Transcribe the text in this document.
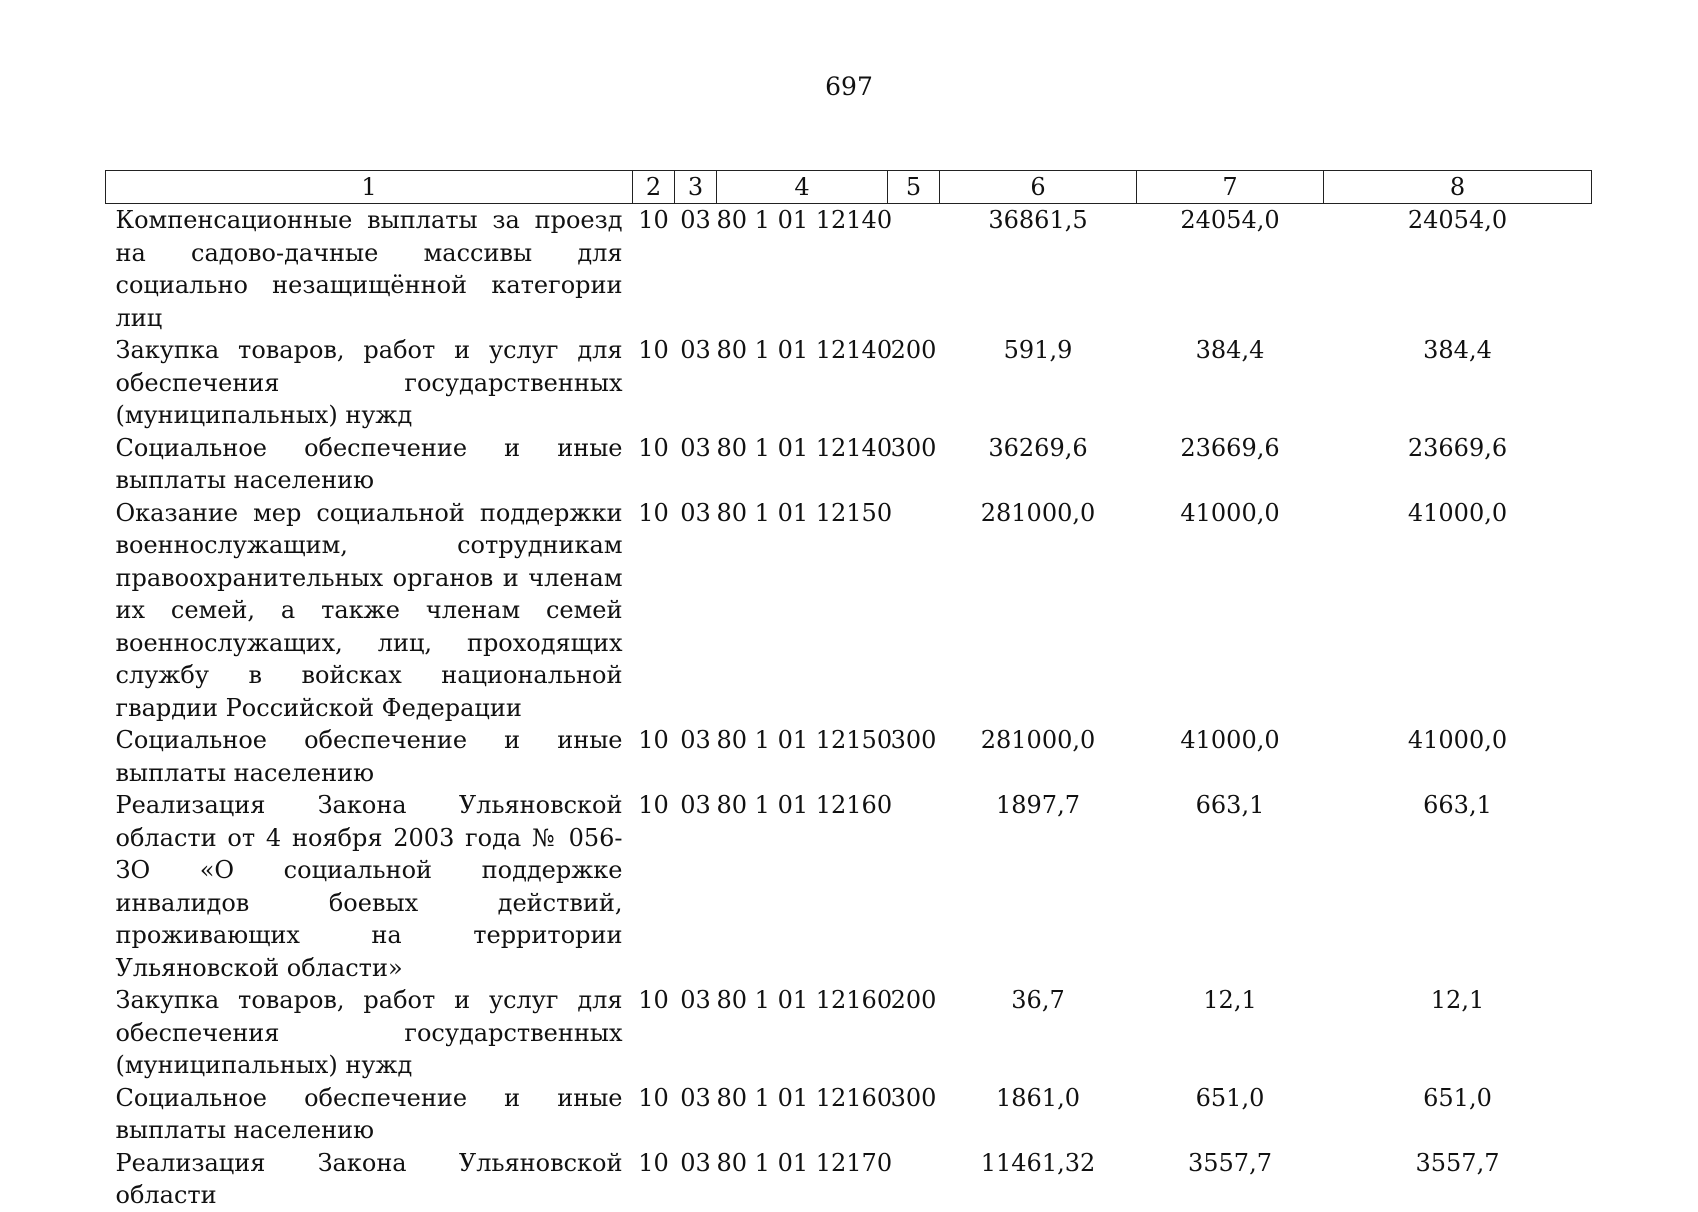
697
1	2	3	4	5	6	7	8
Компенсационные выплаты за проезд на садово-дачные массивы для социально незащищённой категории лиц	10	03	80 1 01 12140		36861,5	24054,0	24054,0
Закупка товаров, работ и услуг для обеспечения государственных (муниципальных) нужд	10	03	80 1 01 12140	200	591,9	384,4	384,4
Социальное обеспечение и иные выплаты населению	10	03	80 1 01 12140	300	36269,6	23669,6	23669,6
Оказание мер социальной поддержки военнослужащим, сотрудникам правоохранительных органов и членам их семей, а также членам семей военнослужащих, лиц, проходящих службу в войсках национальной гвардии Российской Федерации	10	03	80 1 01 12150		281000,0	41000,0	41000,0
Социальное обеспечение и иные выплаты населению	10	03	80 1 01 12150	300	281000,0	41000,0	41000,0
Реализация Закона Ульяновской области от 4 ноября 2003 года № 056-ЗО «О социальной поддержке инвалидов боевых действий, проживающих на территории Ульяновской области»	10	03	80 1 01 12160		1897,7	663,1	663,1
Закупка товаров, работ и услуг для обеспечения государственных (муниципальных) нужд	10	03	80 1 01 12160	200	36,7	12,1	12,1
Социальное обеспечение и иные выплаты населению	10	03	80 1 01 12160	300	1861,0	651,0	651,0
Реализация Закона Ульяновской области	10	03	80 1 01 12170		11461,32	3557,7	3557,7
